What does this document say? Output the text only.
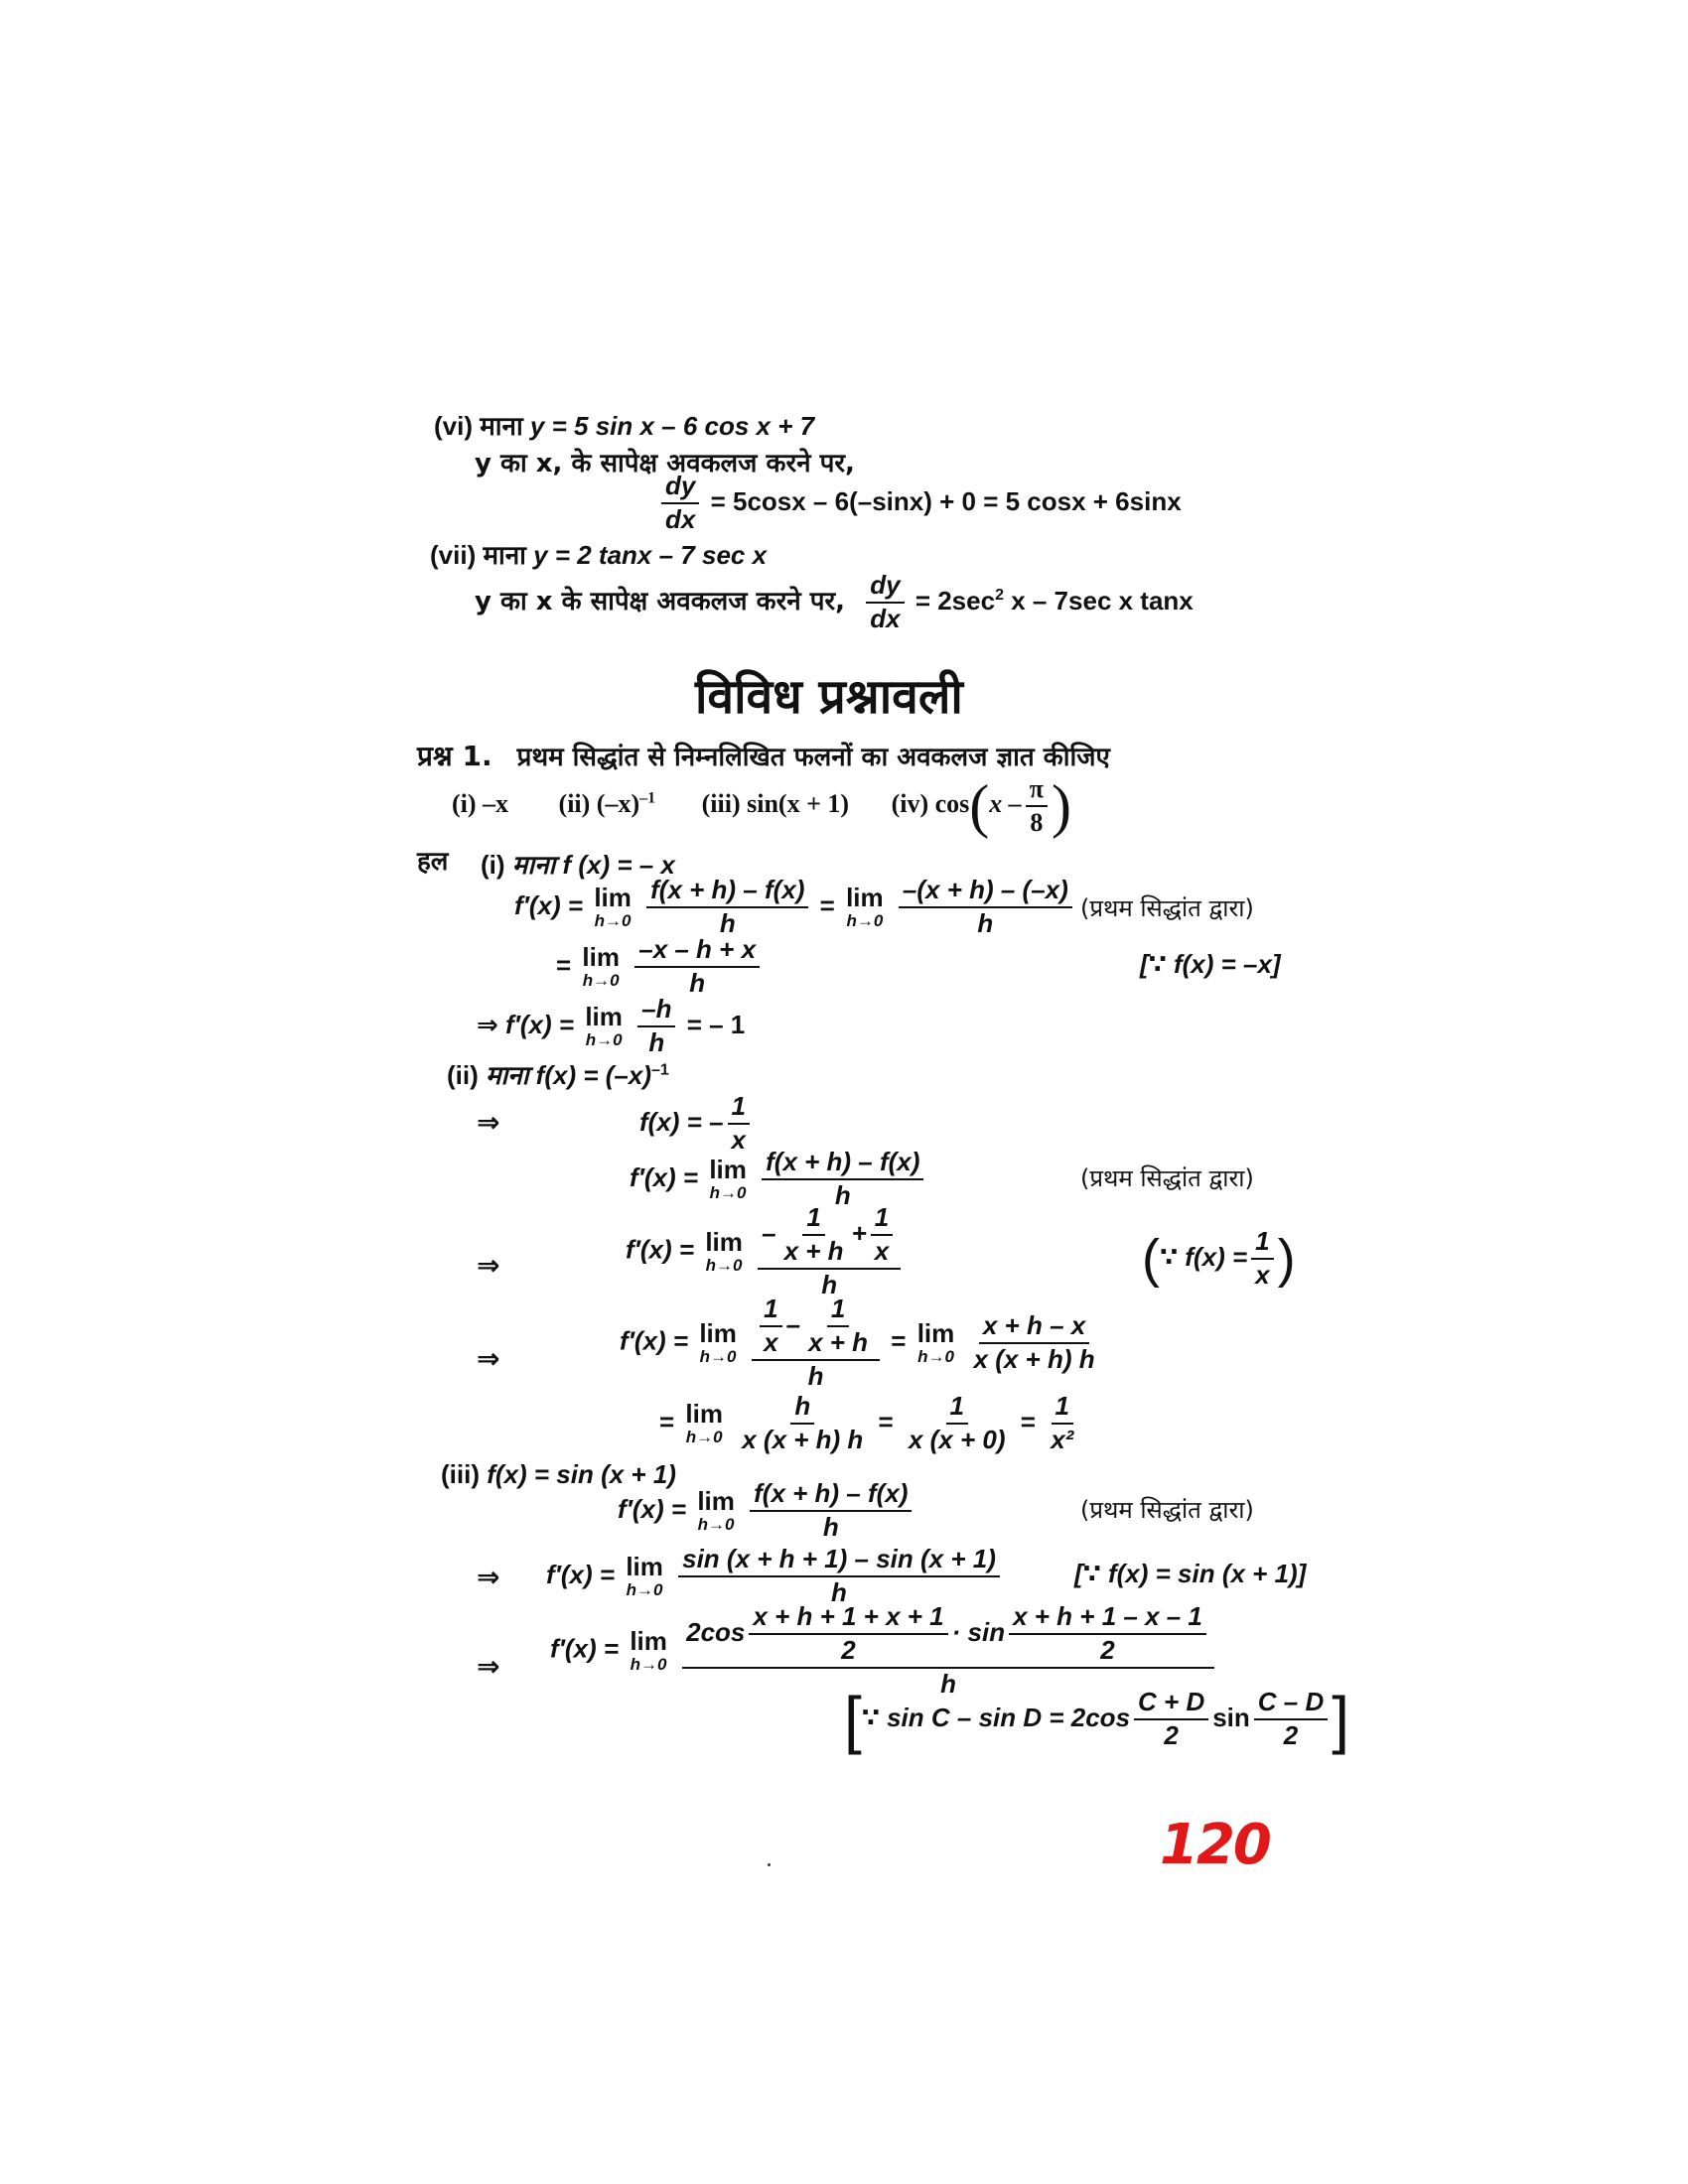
(vi) माना y = 5 sin x – 6 cos x + 7
y का x, के सापेक्ष अवकलज करने पर,
$\frac{dy}{dx} = 5\cos x - 6(-\sin x) + 0 = 5$ cosx + 6sinx
(vii) माना y = 2 tanx – 7 sec x
y का x के सापेक्ष अवकलज करने पर, $\frac{dy}{dx} = 2\sec^2$ x – 7sec x tanx
विविध प्रश्नावली
प्रश्न 1. प्रथम सिद्धांत से निम्नलिखित फलनों का अवकलज ज्ञात कीजिए
(i) –x (ii) $(-x)^{-1}$ (iii) sin(x + 1) (iv) $\cos(x - \frac{\pi}{8}$ )
हल (i) माना f (x) = – x
f′(x) = lim
h→0
$\frac{f(x + h) - f(x)}{h} = \lim$
h→0
$\frac{-(x + h) - (-x)}{h}$ (प्रथम सिद्धांत द्वारा)
= lim
h→0
$\frac{-x - h + x}{h}$	[∵ f(x) = –x]
⇒ f′(x) = lim
h→0
$\frac{-h}{h}$ = – 1
(ii) माना $f(x) = (-x)^{-1}$
⇒	f(x) = – $\frac{1}{x}$
f′(x) = lim
h→0
$\frac{f(x + h) - f(x)}{h}$	(प्रथम सिद्धांत द्वारा)
⇒
f′(x) = lim
h→0
$\frac{- \frac{1}{x + h} + \frac{1}{x}}{h}$	(∵ $f(x) = \frac{1}{x}$ )
⇒
f′(x) = lim
h→0
$\frac{\frac{1}{x} - \frac{1}{x + h}}{h} = \lim$
h→0
$\frac{x + h - x}{x (x + h) h}$
= lim
h→0
$\frac{h}{x (x + h) h} = \frac{1}{x (x + 0)} = \frac{1}{\text{x²}}$
(iii) f(x) = sin (x + 1)
f′(x) = lim
h→0
$\frac{f(x + h) - f(x)}{h}$	(प्रथम सिद्धांत द्वारा)
⇒ f′(x) = lim
h→0
$\frac{\sin (x + h + 1) - \sin (x + 1)}{h}$	[∵ f(x) = sin (x + 1)]
⇒
f′(x) = lim
h→0
$\frac{2\cos \frac{x + h + 1 + x + 1}{2} \cdot \sin \frac{x + h + 1 - x - 1}{2}}{h}$
[∵ $\sin C - \sin D = 2\cos \frac{C + D}{2}$ $\sin \frac{C - D}{2}$ ]
120
